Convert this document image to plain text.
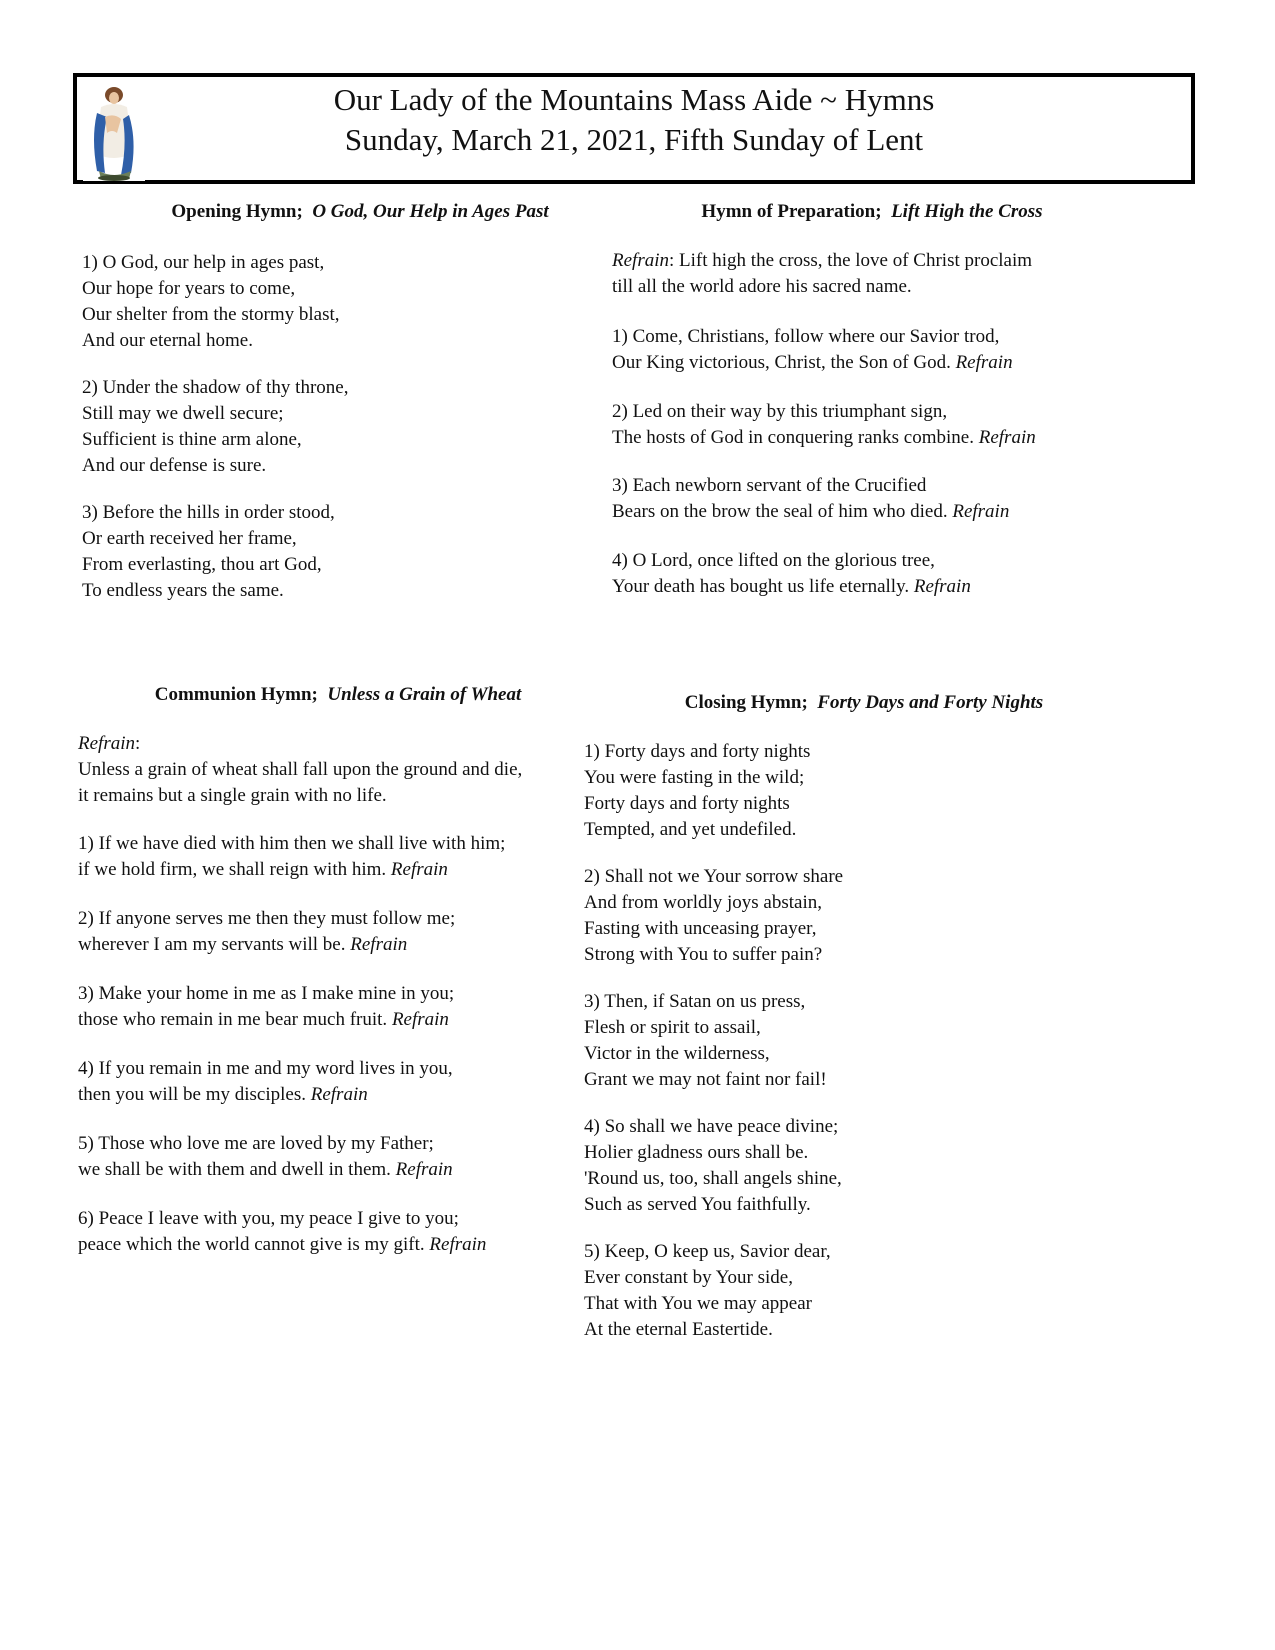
Our Lady of the Mountains Mass Aide ~ Hymns
Sunday, March 21, 2021, Fifth Sunday of Lent
Opening Hymn; O God, Our Help in Ages Past

1) O God, our help in ages past,
Our hope for years to come,
Our shelter from the stormy blast,
And our eternal home.

2) Under the shadow of thy throne,
Still may we dwell secure;
Sufficient is thine arm alone,
And our defense is sure.

3) Before the hills in order stood,
Or earth received her frame,
From everlasting, thou art God,
To endless years the same.

Hymn of Preparation; Lift High the Cross

Refrain: Lift high the cross, the love of Christ proclaim
till all the world adore his sacred name.

1) Come, Christians, follow where our Savior trod,
Our King victorious, Christ, the Son of God. Refrain

2) Led on their way by this triumphant sign,
The hosts of God in conquering ranks combine. Refrain

3) Each newborn servant of the Crucified
Bears on the brow the seal of him who died. Refrain

4) O Lord, once lifted on the glorious tree,
Your death has bought us life eternally. Refrain

Communion Hymn; Unless a Grain of Wheat

Refrain:
Unless a grain of wheat shall fall upon the ground and die,
it remains but a single grain with no life.

1) If we have died with him then we shall live with him;
if we hold firm, we shall reign with him. Refrain

2) If anyone serves me then they must follow me;
wherever I am my servants will be. Refrain

3) Make your home in me as I make mine in you;
those who remain in me bear much fruit. Refrain

4) If you remain in me and my word lives in you,
then you will be my disciples. Refrain

5) Those who love me are loved by my Father;
we shall be with them and dwell in them. Refrain

6) Peace I leave with you, my peace I give to you;
peace which the world cannot give is my gift. Refrain

Closing Hymn; Forty Days and Forty Nights

1) Forty days and forty nights
You were fasting in the wild;
Forty days and forty nights
Tempted, and yet undefiled.

2) Shall not we Your sorrow share
And from worldly joys abstain,
Fasting with unceasing prayer,
Strong with You to suffer pain?

3) Then, if Satan on us press,
Flesh or spirit to assail,
Victor in the wilderness,
Grant we may not faint nor fail!

4) So shall we have peace divine;
Holier gladness ours shall be.
'Round us, too, shall angels shine,
Such as served You faithfully.

5) Keep, O keep us, Savior dear,
Ever constant by Your side,
That with You we may appear
At the eternal Eastertide.
